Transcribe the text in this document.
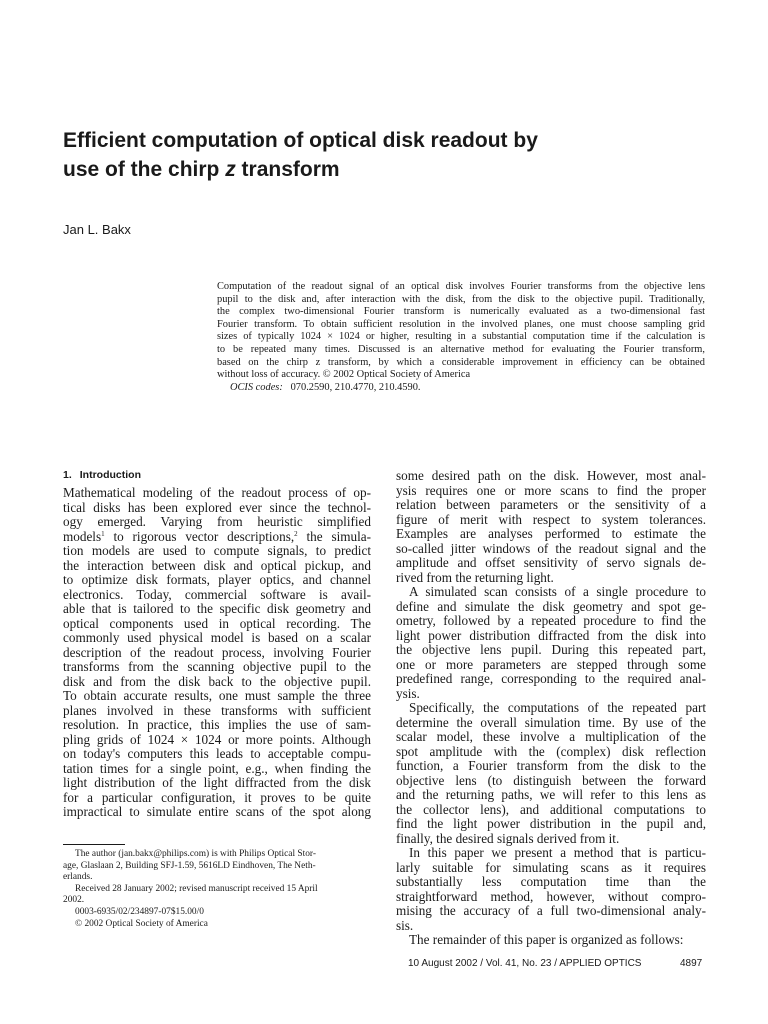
Efficient computation of optical disk readout by
use of the chirp z transform

Jan L. Bakx

Computation of the readout signal of an optical disk involves Fourier transforms from the objective lens
pupil to the disk and, after interaction with the disk, from the disk to the objective pupil. Traditionally,
the complex two-dimensional Fourier transform is numerically evaluated as a two-dimensional fast
Fourier transform. To obtain sufficient resolution in the involved planes, one must choose sampling grid
sizes of typically 1024 × 1024 or higher, resulting in a substantial computation time if the calculation is
to be repeated many times. Discussed is an alternative method for evaluating the Fourier transform,
based on the chirp z transform, by which a considerable improvement in efficiency can be obtained
without loss of accuracy. © 2002 Optical Society of America
OCIS codes: 070.2590, 210.4770, 210.4590.
1. Introduction
Mathematical modeling of the readout process of op-
tical disks has been explored ever since the technol-
ogy emerged. Varying from heuristic simplified
models$^1$ to rigorous vector descriptions,$^2$ the simula-
tion models are used to compute signals, to predict
the interaction between disk and optical pickup, and
to optimize disk formats, player optics, and channel
electronics. Today, commercial software is avail-
able that is tailored to the specific disk geometry and
optical components used in optical recording. The
commonly used physical model is based on a scalar
description of the readout process, involving Fourier
transforms from the scanning objective pupil to the
disk and from the disk back to the objective pupil.
To obtain accurate results, one must sample the three
planes involved in these transforms with sufficient
resolution. In practice, this implies the use of sam-
pling grids of 1024 × 1024 or more points. Although
on today's computers this leads to acceptable compu-
tation times for a single point, e.g., when finding the
light distribution of the light diffracted from the disk
for a particular configuration, it proves to be quite
impractical to simulate entire scans of the spot along
some desired path on the disk. However, most anal-
ysis requires one or more scans to find the proper
relation between parameters or the sensitivity of a
figure of merit with respect to system tolerances.
Examples are analyses performed to estimate the
so-called jitter windows of the readout signal and the
amplitude and offset sensitivity of servo signals de-
rived from the returning light.
A simulated scan consists of a single procedure to
define and simulate the disk geometry and spot ge-
ometry, followed by a repeated procedure to find the
light power distribution diffracted from the disk into
the objective lens pupil. During this repeated part,
one or more parameters are stepped through some
predefined range, corresponding to the required anal-
ysis.
Specifically, the computations of the repeated part
determine the overall simulation time. By use of the
scalar model, these involve a multiplication of the
spot amplitude with the (complex) disk reflection
function, a Fourier transform from the disk to the
objective lens (to distinguish between the forward
and the returning paths, we will refer to this lens as
the collector lens), and additional computations to
find the light power distribution in the pupil and,
finally, the desired signals derived from it.
In this paper we present a method that is particu-
larly suitable for simulating scans as it requires
substantially less computation time than the
straightforward method, however, without compro-
mising the accuracy of a full two-dimensional analy-
sis.
The remainder of this paper is organized as follows:
The author (jan.bakx@philips.com) is with Philips Optical Stor-
age, Glaslaan 2, Building SFJ-1.59, 5616LD Eindhoven, The Neth-
erlands.
Received 28 January 2002; revised manuscript received 15 April
2002.
0003-6935/02/234897-07$15.00/0
© 2002 Optical Society of America
10 August 2002 / Vol. 41, No. 23 / APPLIED OPTICS	4897
